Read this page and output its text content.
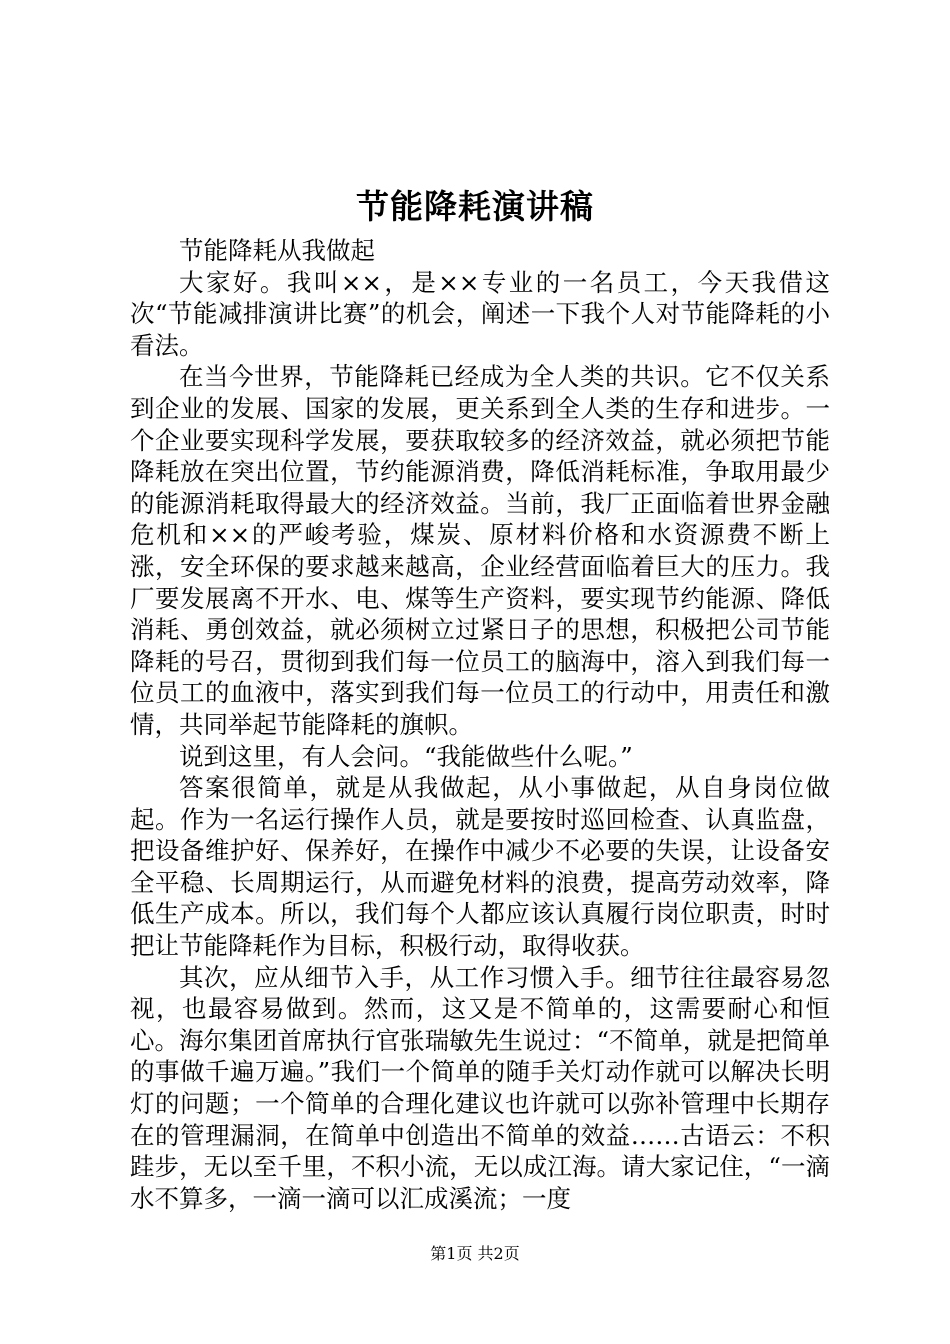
节能降耗演讲稿

节能降耗从我做起

大家好。我叫××，是××专业的一名员工，今天我借这次“节能减排演讲比赛”的机会，阐述一下我个人对节能降耗的小看法。

在当今世界，节能降耗已经成为全人类的共识。它不仅关系到企业的发展、国家的发展，更关系到全人类的生存和进步。一个企业要实现科学发展，要获取较多的经济效益，就必须把节能降耗放在突出位置，节约能源消费，降低消耗标准，争取用最少的能源消耗取得最大的经济效益。当前，我厂正面临着世界金融危机和××的严峻考验，煤炭、原材料价格和水资源费不断上涨，安全环保的要求越来越高，企业经营面临着巨大的压力。我厂要发展离不开水、电、煤等生产资料，要实现节约能源、降低消耗、勇创效益，就必须树立过紧日子的思想，积极把公司节能降耗的号召，贯彻到我们每一位员工的脑海中，溶入到我们每一位员工的血液中，落实到我们每一位员工的行动中，用责任和激情，共同举起节能降耗的旗帜。

说到这里，有人会问。“我能做些什么呢。”

答案很简单，就是从我做起，从小事做起，从自身岗位做起。作为一名运行操作人员，就是要按时巡回检查、认真监盘，把设备维护好、保养好，在操作中减少不必要的失误，让设备安全平稳、长周期运行，从而避免材料的浪费，提高劳动效率，降低生产成本。所以，我们每个人都应该认真履行岗位职责，时时把让节能降耗作为目标，积极行动，取得收获。

其次，应从细节入手，从工作习惯入手。细节往往最容易忽视，也最容易做到。然而，这又是不简单的，这需要耐心和恒心。海尔集团首席执行官张瑞敏先生说过：“不简单，就是把简单的事做千遍万遍。”我们一个简单的随手关灯动作就可以解决长明灯的问题；一个简单的合理化建议也许就可以弥补管理中长期存在的管理漏洞，在简单中创造出不简单的效益……古语云：不积跬步，无以至千里，不积小流，无以成江海。请大家记住，“一滴水不算多，一滴一滴可以汇成溪流；一度

第1页 共2页
